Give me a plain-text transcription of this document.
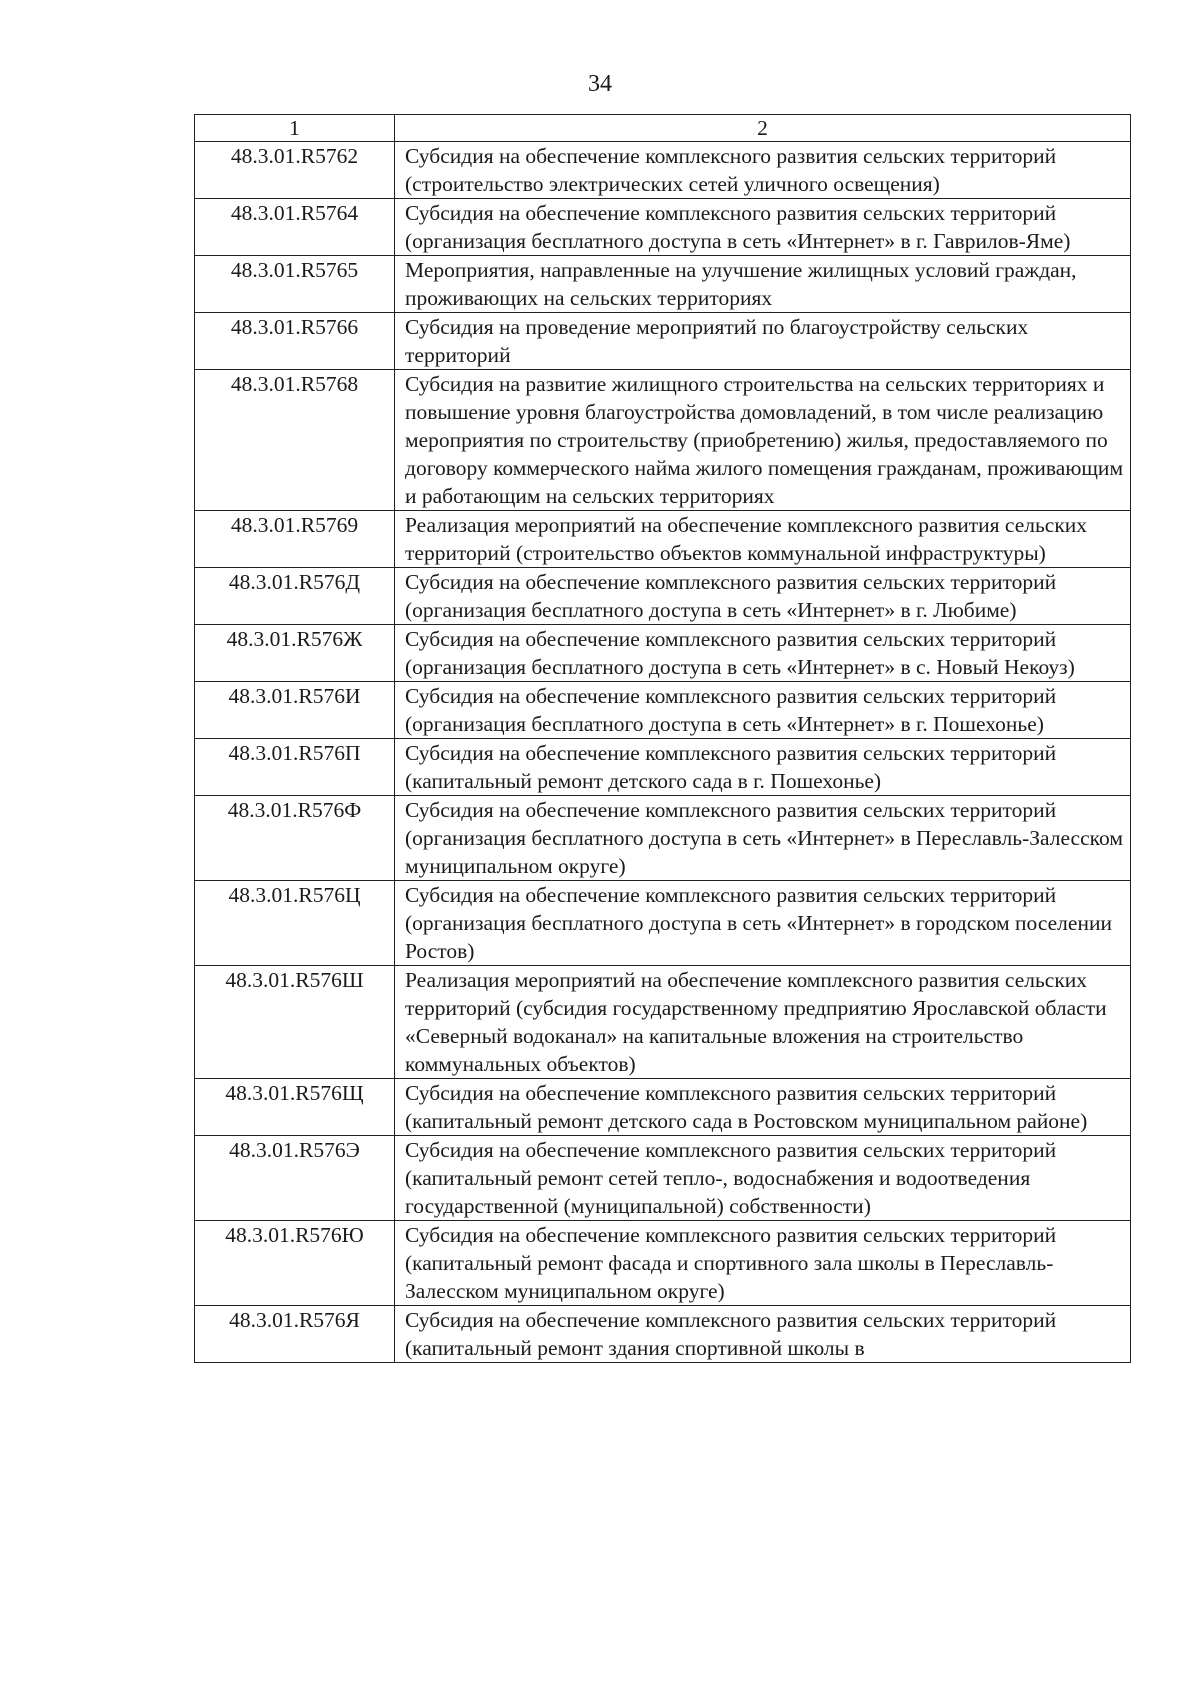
34
1	2
48.3.01.R5762	Субсидия на обеспечение комплексного развития сельских территорий (строительство электрических сетей уличного освещения)
48.3.01.R5764	Субсидия на обеспечение комплексного развития сельских территорий (организация бесплатного доступа в сеть «Интернет» в г. Гаврилов-Яме)
48.3.01.R5765	Мероприятия, направленные на улучшение жилищных условий граждан, проживающих на сельских территориях
48.3.01.R5766	Субсидия на проведение мероприятий по благоустройству сельских территорий
48.3.01.R5768	Субсидия на развитие жилищного строительства на сельских территориях и повышение уровня благоустройства домовладений, в том числе реализацию мероприятия по строительству (приобретению) жилья, предоставляемого по договору коммерческого найма жилого помещения гражданам, проживающим и работающим на сельских территориях
48.3.01.R5769	Реализация мероприятий на обеспечение комплексного развития сельских территорий (строительство объектов коммунальной инфраструктуры)
48.3.01.R576Д	Субсидия на обеспечение комплексного развития сельских территорий (организация бесплатного доступа в сеть «Интернет» в г. Любиме)
48.3.01.R576Ж	Субсидия на обеспечение комплексного развития сельских территорий (организация бесплатного доступа в сеть «Интернет» в с. Новый Некоуз)
48.3.01.R576И	Субсидия на обеспечение комплексного развития сельских территорий (организация бесплатного доступа в сеть «Интернет» в г. Пошехонье)
48.3.01.R576П	Субсидия на обеспечение комплексного развития сельских территорий (капитальный ремонт детского сада в г. Пошехонье)
48.3.01.R576Ф	Субсидия на обеспечение комплексного развития сельских территорий (организация бесплатного доступа в сеть «Интернет» в Переславль-Залесском муниципальном округе)
48.3.01.R576Ц	Субсидия на обеспечение комплексного развития сельских территорий (организация бесплатного доступа в сеть «Интернет» в городском поселении Ростов)
48.3.01.R576Ш	Реализация мероприятий на обеспечение комплексного развития сельских территорий (субсидия государственному предприятию Ярославской области «Северный водоканал» на капитальные вложения на строительство коммунальных объектов)
48.3.01.R576Щ	Субсидия на обеспечение комплексного развития сельских территорий (капитальный ремонт детского сада в Ростовском муниципальном районе)
48.3.01.R576Э	Субсидия на обеспечение комплексного развития сельских территорий (капитальный ремонт сетей тепло-, водоснабжения и водоотведения государственной (муниципальной) собственности)
48.3.01.R576Ю	Субсидия на обеспечение комплексного развития сельских территорий (капитальный ремонт фасада и спортивного зала школы в Переславль-Залесском муниципальном округе)
48.3.01.R576Я	Субсидия на обеспечение комплексного развития сельских территорий (капитальный ремонт здания спортивной школы в
